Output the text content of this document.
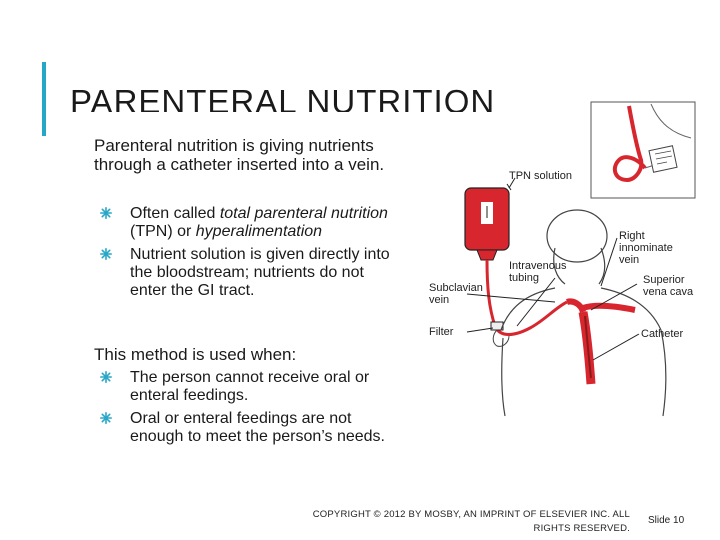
PARENTERAL NUTRITION
Parenteral nutrition is giving nutrients through a catheter inserted into a vein.
Often called total parenteral nutrition (TPN) or hyperalimentation
Nutrient solution is given directly into the bloodstream; nutrients do not enter the GI tract.
This method is used when:
The person cannot receive oral or enteral feedings.
Oral or enteral feedings are not enough to meet the person’s needs.
TPN solution
Right innominate vein
Intravenous tubing	Superior vena cava
Subclavian vein
Filter	Catheter
COPYRIGHT © 2012 BY MOSBY, AN IMPRINT OF ELSEVIER INC. ALL RIGHTS RESERVED.
Slide 10
